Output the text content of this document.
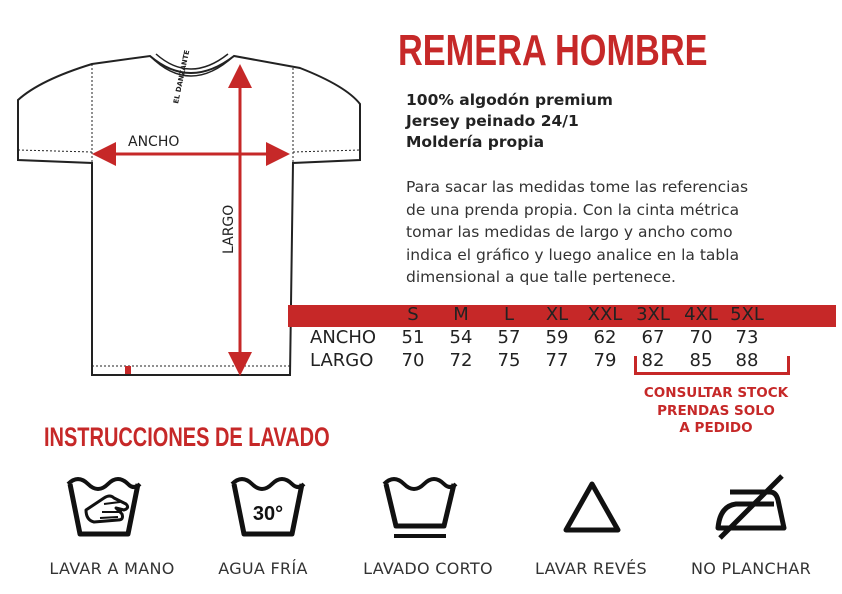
ANCHO
LARGO
EL DANZANTE	REMERA HOMBRE
100% algodón premium
Jersey peinado 24/1
Moldería propia
Para sacar las medidas tome las referencias
de una prenda propia. Con la cinta métrica
tomar las medidas de largo y ancho como
indica el gráfico y luego analice en la tabla
dimensional a que talle pertenece.
S	M	L	XL	XXL 3XL 4XL 5XL
ANCHO	51	54	57	59	62	67	70	73
LARGO	70	72	75	77	79	82	85	88
CONSULTAR STOCK
PRENDAS SOLO
A PEDIDO
INSTRUCCIONES DE LAVADO
30°
LAVAR A MANO	AGUA FRÍA	LAVADO CORTO	LAVAR REVÉS	NO PLANCHAR
